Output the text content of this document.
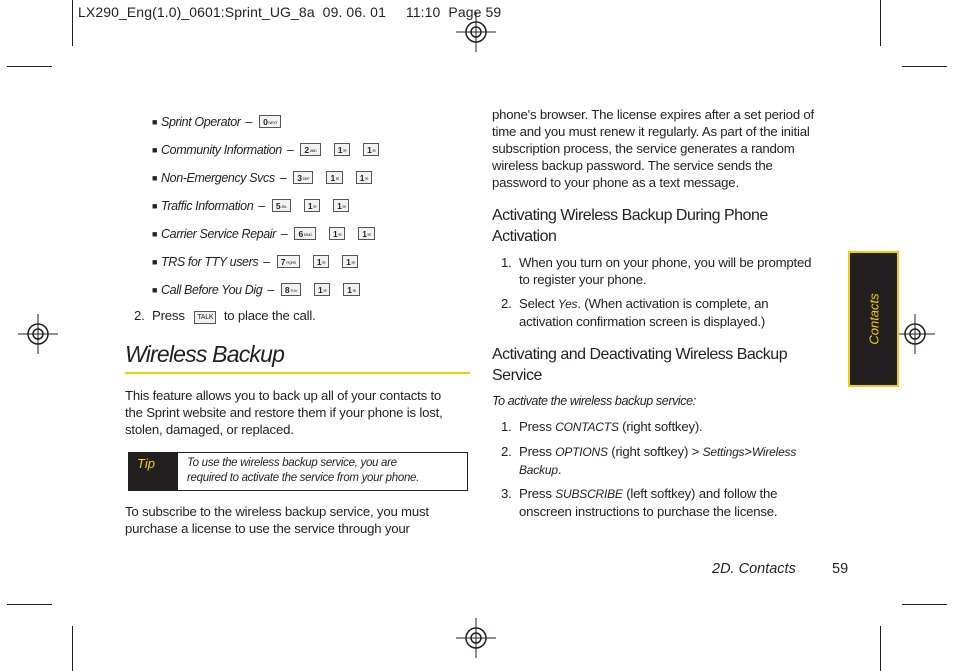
LX290_Eng(1.0)_0601:Sprint_UG_8a  09. 06. 01     11:10  Page 59
■ Sprint Operator – 0NEXT
■ Community Information – 2ABC 1✉ 1✉
■ Non-Emergency Svcs – 3DEF 1✉ 1✉
■ Traffic Information – 5JKL 1✉ 1✉
■ Carrier Service Repair – 6MNO 1✉ 1✉
■ TRS for TTY users – 7PQRS 1✉ 1✉
■ Call Before You Dig – 8TUV 1✉ 1✉
2. Press TALK to place the call.
Wireless Backup
This feature allows you to back up all of your contacts to
the Sprint website and restore them if your phone is lost,
stolen, damaged, or replaced.
Tip	To use the wireless backup service, you are
required to activate the service from your phone.
To subscribe to the wireless backup service, you must
purchase a license to use the service through your
phone's browser. The license expires after a set period of
time and you must renew it regularly. As part of the initial
subscription process, the service generates a random
wireless backup password. The service sends the
password to your phone as a text message.
Activating Wireless Backup During Phone
Activation
1. When you turn on your phone, you will be prompted
to register your phone.
2. Select Yes. (When activation is complete, an
activation confirmation screen is displayed.)
Activating and Deactivating Wireless Backup
Service
To activate the wireless backup service:
1. Press CONTACTS (right softkey).
2. Press OPTIONS (right softkey) > Settings>Wireless
Backup.
3. Press SUBSCRIBE (left softkey) and follow the
onscreen instructions to purchase the license.
Contacts
2D. Contacts 59
